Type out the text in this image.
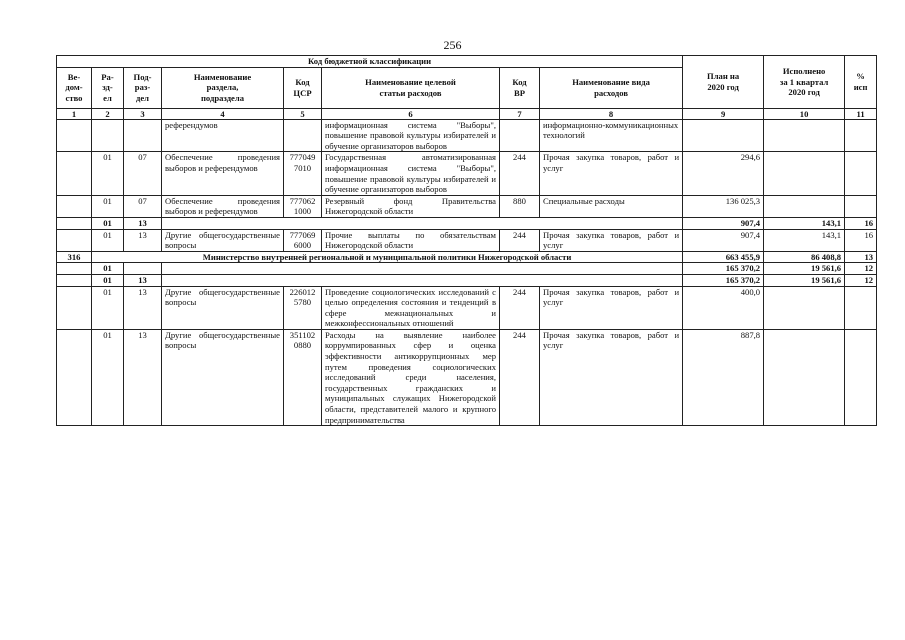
256
Код бюджетной классификации								План на
2020 год	Исполнено
за 1 квартал
2020 год	%
исп
Ве-
дом-
ство	Ра-
зд-
ел	Под-
раз-
дел	Наименование
раздела,
подраздела	Код
ЦСР	Наименование целевой
статьи расходов	Код
ВР	Наименование вида
расходов			
1	2	3	4	5	6	7	8	9	10	11
			референдумов		информационная система "Выборы", повышение правовой культуры избирателей и обучение организаторов выборов		информационно-коммуникационных технологий			
	01	07	Обеспечение проведения выборов и референдумов	777049 7010	Государственная автоматизированная информационная система "Выборы", повышение правовой культуры избирателей и обучение организаторов выборов	244	Прочая закупка товаров, работ и услуг	294,6		
	01	07	Обеспечение проведения выборов и референдумов	777062 1000	Резервный фонд Правительства Нижегородской области	880	Специальные расходы	136 025,3		
	01	13						907,4	143,1	16
	01	13	Другие общегосударственные вопросы	777069 6000	Прочие выплаты по обязательствам Нижегородской области	244	Прочая закупка товаров, работ и услуг	907,4	143,1	16
316	Министерство внутренней региональной и муниципальной политики Нижегородской области							663 455,9	86 408,8	13
	01							165 370,2	19 561,6	12
	01	13						165 370,2	19 561,6	12
	01	13	Другие общегосударственные вопросы	226012 5780	Проведение социологических исследований с целью определения состояния и тенденций в сфере межнациональных и межконфессиональных отношений	244	Прочая закупка товаров, работ и услуг	400,0		
	01	13	Другие общегосударственные вопросы	351102 0880	Расходы на выявление наиболее коррумпированных сфер и оценка эффективности антикоррупционных мер путем проведения социологических исследований среди населения, государственных гражданских и муниципальных служащих Нижегородской области, представителей малого и крупного предпринимательства	244	Прочая закупка товаров, работ и услуг	887,8		
